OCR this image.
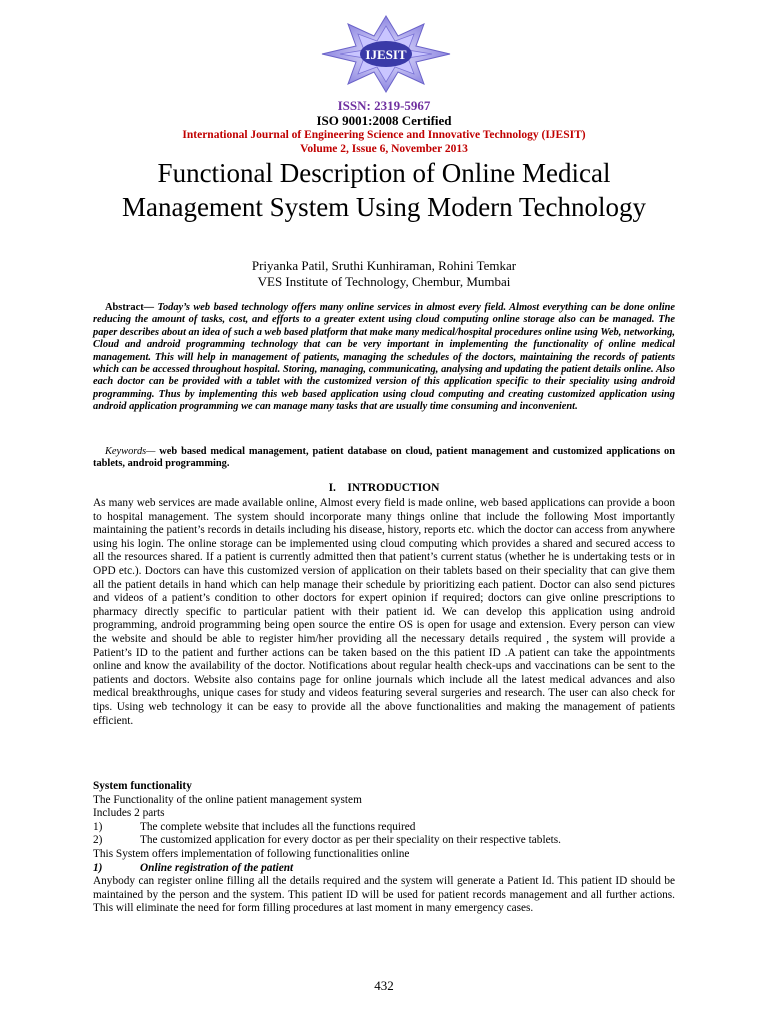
IJESIT
ISSN: 2319-5967
ISO 9001:2008 Certified
International Journal of Engineering Science and Innovative Technology (IJESIT)
Volume 2, Issue 6, November 2013
Functional Description of Online Medical Management System Using Modern Technology
Priyanka Patil, Sruthi Kunhiraman, Rohini Temkar
VES Institute of Technology, Chembur, Mumbai
Abstract— Today’s web based technology offers many online services in almost every field. Almost everything can be done online reducing the amount of tasks, cost, and efforts to a greater extent using cloud computing online storage also can be managed. The paper describes about an idea of such a web based platform that make many medical/hospital procedures online using Web, networking, Cloud and android programming technology that can be very important in implementing the functionality of online medical management. This will help in management of patients, managing the schedules of the doctors, maintaining the records of patients which can be accessed throughout hospital. Storing, managing, communicating, analysing and updating the patient details online. Also each doctor can be provided with a tablet with the customized version of this application specific to their speciality using android programming. Thus by implementing this web based application using cloud computing and creating customized application using android application programming we can manage many tasks that are usually time consuming and inconvenient.
Keywords— web based medical management, patient database on cloud, patient management and customized applications on tablets, android programming.
I.    INTRODUCTION
As many web services are made available online, Almost every field is made online, web based applications can provide a boon to hospital management. The system should incorporate many things online that include the following Most importantly maintaining the patient’s records in details including his disease, history, reports etc. which the doctor can access from anywhere using his login. The online storage can be implemented using cloud computing which provides a shared and secured access to all the resources shared. If a patient is currently admitted then that patient’s current status (whether he is undertaking tests or in OPD etc.). Doctors can have this customized version of application on their tablets based on their speciality that can give them all the patient details in hand which can help manage their schedule by prioritizing each patient. Doctor can also send pictures and videos of a patient’s condition to other doctors for expert opinion if required; doctors can give online prescriptions to pharmacy directly specific to particular patient with their patient id. We can develop this application using android programming, android programming being open source the entire OS is open for usage and extension. Every person can view the website and should be able to register him/her providing all the necessary details required , the system will provide a Patient’s ID to the patient and further actions can be taken based on the this patient ID .A patient can take the appointments online and know the availability of the doctor. Notifications about regular health check-ups and vaccinations can be sent to the patients and doctors. Website also contains page for online journals which include all the latest medical advances and also medical breakthroughs, unique cases for study and videos featuring several surgeries and research. The user can also check for tips. Using web technology it can be easy to provide all the above functionalities and making the management of patients efficient.
System functionality
The Functionality of the online patient management system
Includes 2 parts
1)	The complete website that includes all the functions required
2)	The customized application for every doctor as per their speciality on their respective tablets.
This System offers implementation of following functionalities online
1)	Online registration of the patient
Anybody can register online filling all the details required and the system will generate a Patient Id. This patient ID should be maintained by the person and the system. This patient ID will be used for patient records management and all further actions. This will eliminate the need for form filling procedures at last moment in many emergency cases.
432
